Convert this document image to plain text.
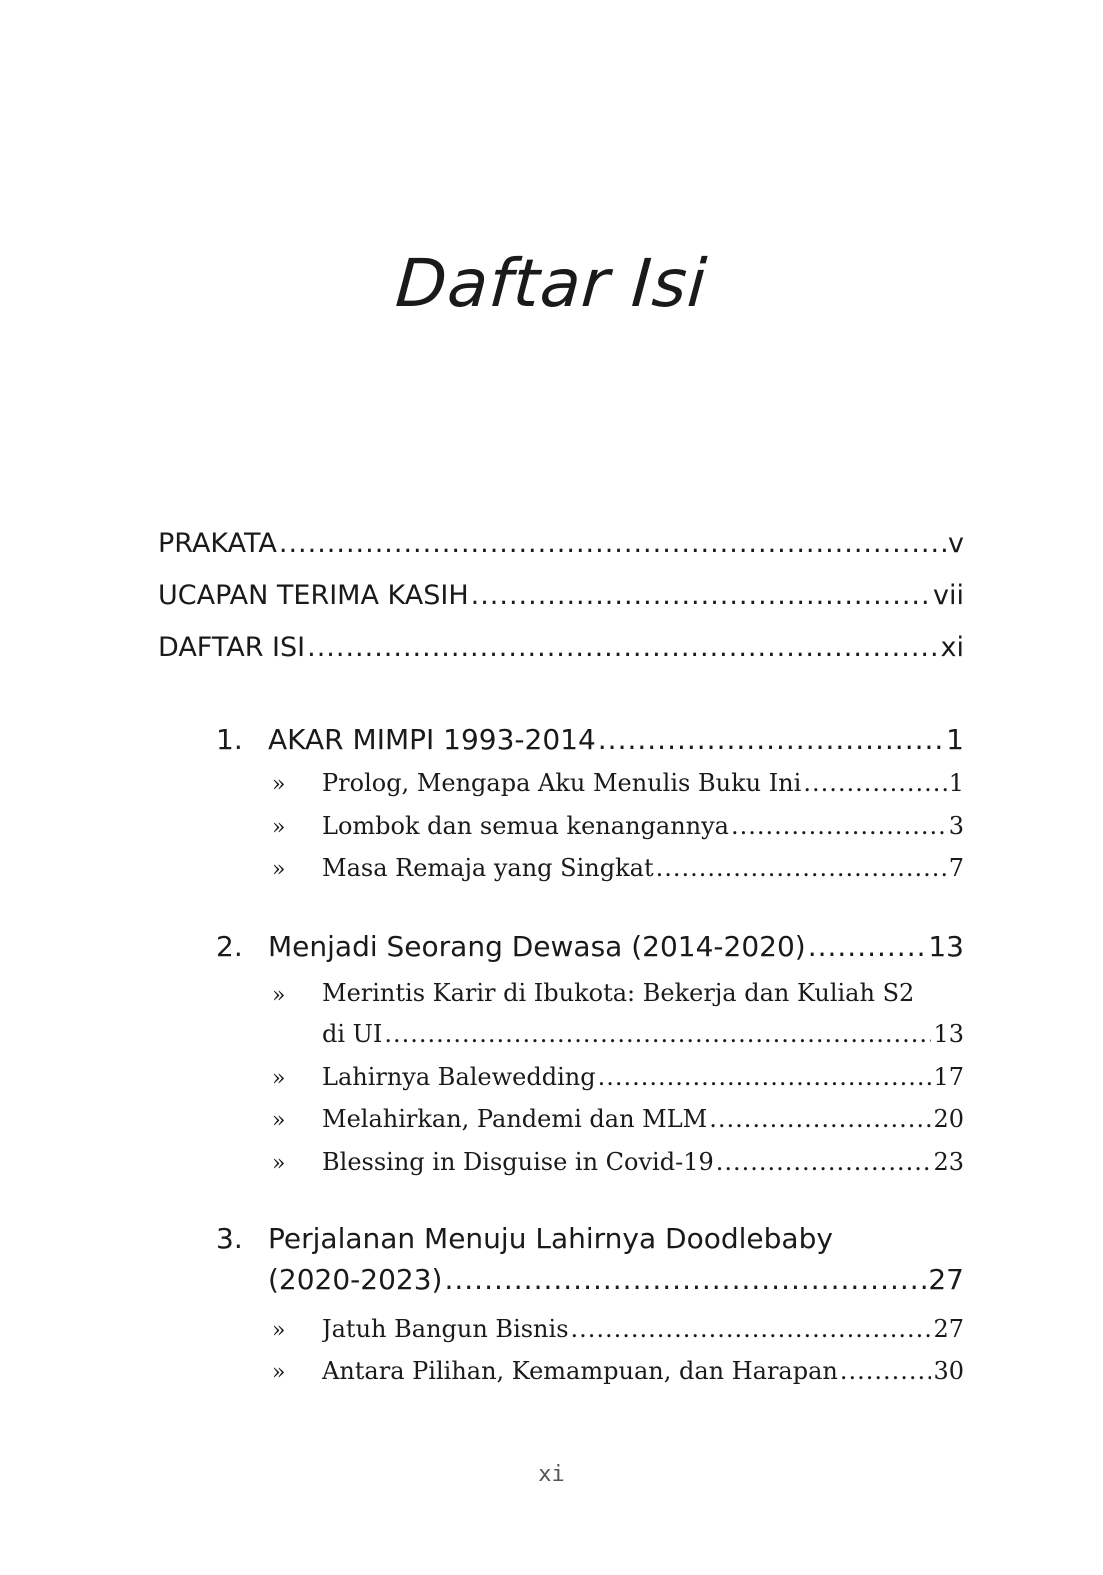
Daftar Isi
PRAKATA .....	v
UCAPAN TERIMA KASIH .....	vii
DAFTAR ISI .....	xi
1. AKAR MIMPI 1993-2014 .....	1
» Prolog, Mengapa Aku Menulis Buku Ini .....	1
» Lombok dan semua kenangannya .....	3
» Masa Remaja yang Singkat .....	7
2. Menjadi Seorang Dewasa (2014-2020) .....	13
» Merintis Karir di Ibukota: Bekerja dan Kuliah S2
di UI .....	13
» Lahirnya Balewedding .....	17
» Melahirkan, Pandemi dan MLM .....	20
» Blessing in Disguise in Covid-19 .....	23
3. Perjalanan Menuju Lahirnya Doodlebaby
(2020-2023) .....	27
» Jatuh Bangun Bisnis .....	27
» Antara Pilihan, Kemampuan, dan Harapan .....	30
xi
